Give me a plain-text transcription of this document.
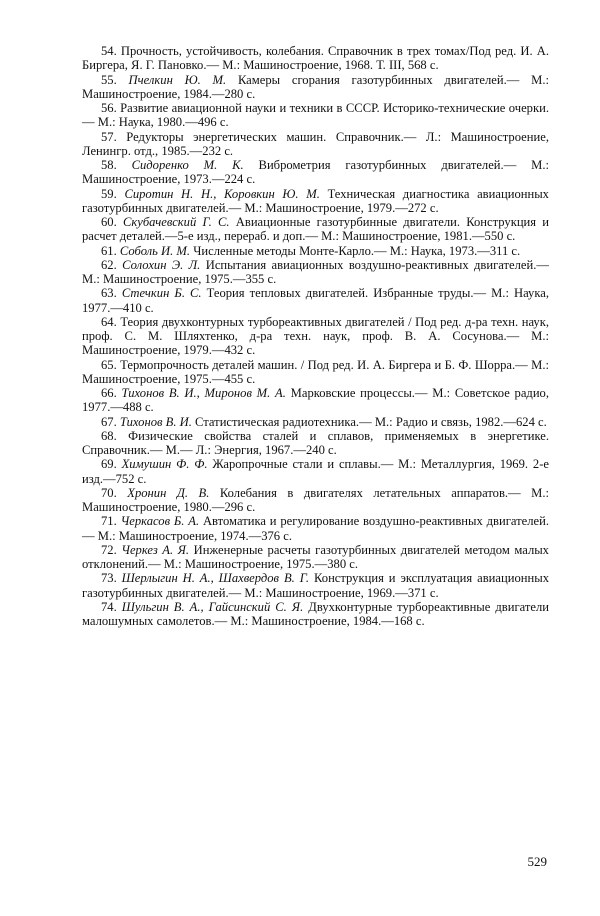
54. Прочность, устойчивость, колебания. Справочник в трех томах/Под ред. И. А. Биргера, Я. Г. Пановко.— М.: Машиностроение, 1968. Т. III, 568 с.

55. Пчелкин Ю. М. Камеры сгорания газотурбинных двигателей.— М.: Машиностроение, 1984.—280 с.

56. Развитие авиационной науки и техники в СССР. Историко-технические очерки.— М.: Наука, 1980.—496 с.

57. Редукторы энергетических машин. Справочник.— Л.: Машиностроение, Ленингр. отд., 1985.—232 с.

58. Сидоренко М. К. Виброметрия газотурбинных двигателей.— М.: Машиностроение, 1973.—224 с.

59. Сиротин Н. Н., Коровкин Ю. М. Техническая диагностика авиационных газотурбинных двигателей.— М.: Машиностроение, 1979.—272 с.

60. Скубачевский Г. С. Авиационные газотурбинные двигатели. Конструкция и расчет деталей.—5-е изд., перераб. и доп.— М.: Машиностроение, 1981.—550 с.

61. Соболь И. М. Численные методы Монте-Карло.— М.: Наука, 1973.—311 с.

62. Солохин Э. Л. Испытания авиационных воздушно-реактивных двигателей.— М.: Машиностроение, 1975.—355 с.

63. Стечкин Б. С. Теория тепловых двигателей. Избранные труды.— М.: Наука, 1977.—410 с.

64. Теория двухконтурных турбореактивных двигателей / Под ред. д-ра техн. наук, проф. С. М. Шляхтенко, д-ра техн. наук, проф. В. А. Сосунова.— М.: Машиностроение, 1979.—432 с.

65. Термопрочность деталей машин. / Под ред. И. А. Биргера и Б. Ф. Шорра.— М.: Машиностроение, 1975.—455 с.

66. Тихонов В. И., Миронов М. А. Марковские процессы.— М.: Советское радио, 1977.—488 с.

67. Тихонов В. И. Статистическая радиотехника.— М.: Радио и связь, 1982.—624 с.

68. Физические свойства сталей и сплавов, применяемых в энергетике. Справочник.— М.— Л.: Энергия, 1967.—240 с.

69. Химушин Ф. Ф. Жаропрочные стали и сплавы.— М.: Металлургия, 1969. 2-е изд.—752 с.

70. Хронин Д. В. Колебания в двигателях летательных аппаратов.— М.: Машиностроение, 1980.—296 с.

71. Черкасов Б. А. Автоматика и регулирование воздушно-реактивных двигателей.— М.: Машиностроение, 1974.—376 с.

72. Черкез А. Я. Инженерные расчеты газотурбинных двигателей методом малых отклонений.— М.: Машиностроение, 1975.—380 с.

73. Шерлыгин Н. А., Шахвердов В. Г. Конструкция и эксплуатация авиационных газотурбинных двигателей.— М.: Машиностроение, 1969.—371 с.

74. Шульгин В. А., Гайсинский С. Я. Двухконтурные турбореактивные двигатели малошумных самолетов.— М.: Машиностроение, 1984.—168 с.

529
